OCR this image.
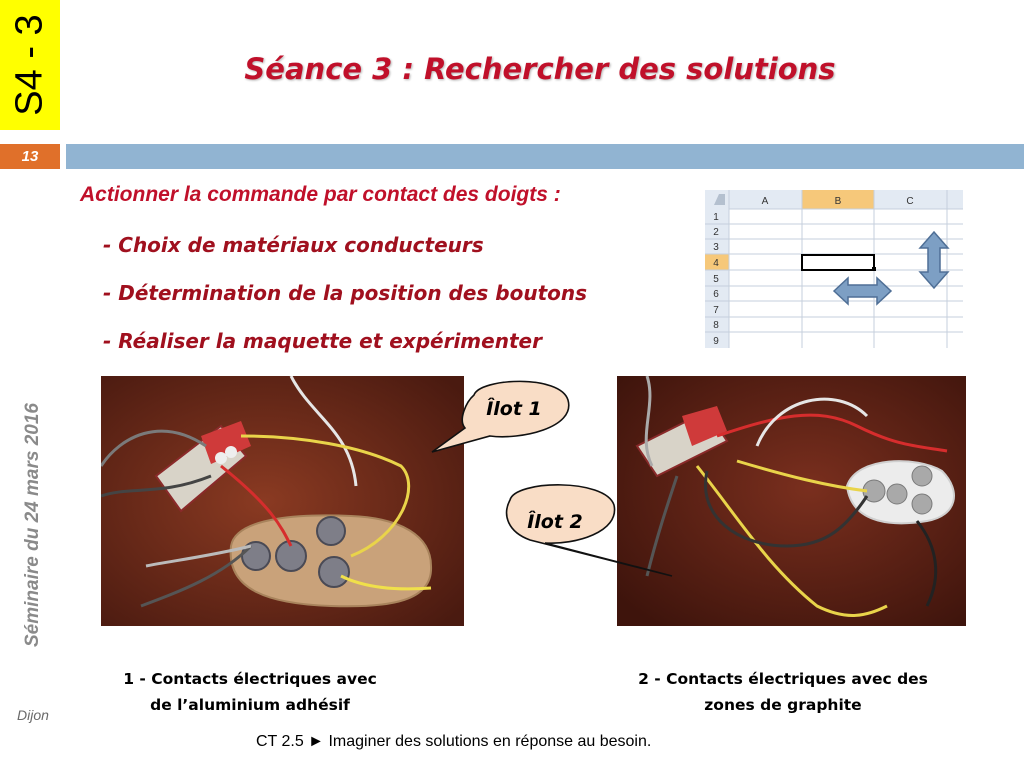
S4 - 3	Séance 3 : Rechercher des solutions
13
Actionner la commande par contact des doigts :
- Choix de matériaux conducteurs
- Détermination de la position des boutons
- Réaliser la maquette et expérimenter
A	B	C
1
2
3
4
5
6
7
8
9
Îlot 1
Îlot 2
1 - Contacts électriques avec
de l’aluminium adhésif
2 - Contacts électriques avec des
zones de graphite
Séminaire du 24 mars 2016
Dijon
CT 2.5 ► Imaginer des solutions en réponse au besoin.
